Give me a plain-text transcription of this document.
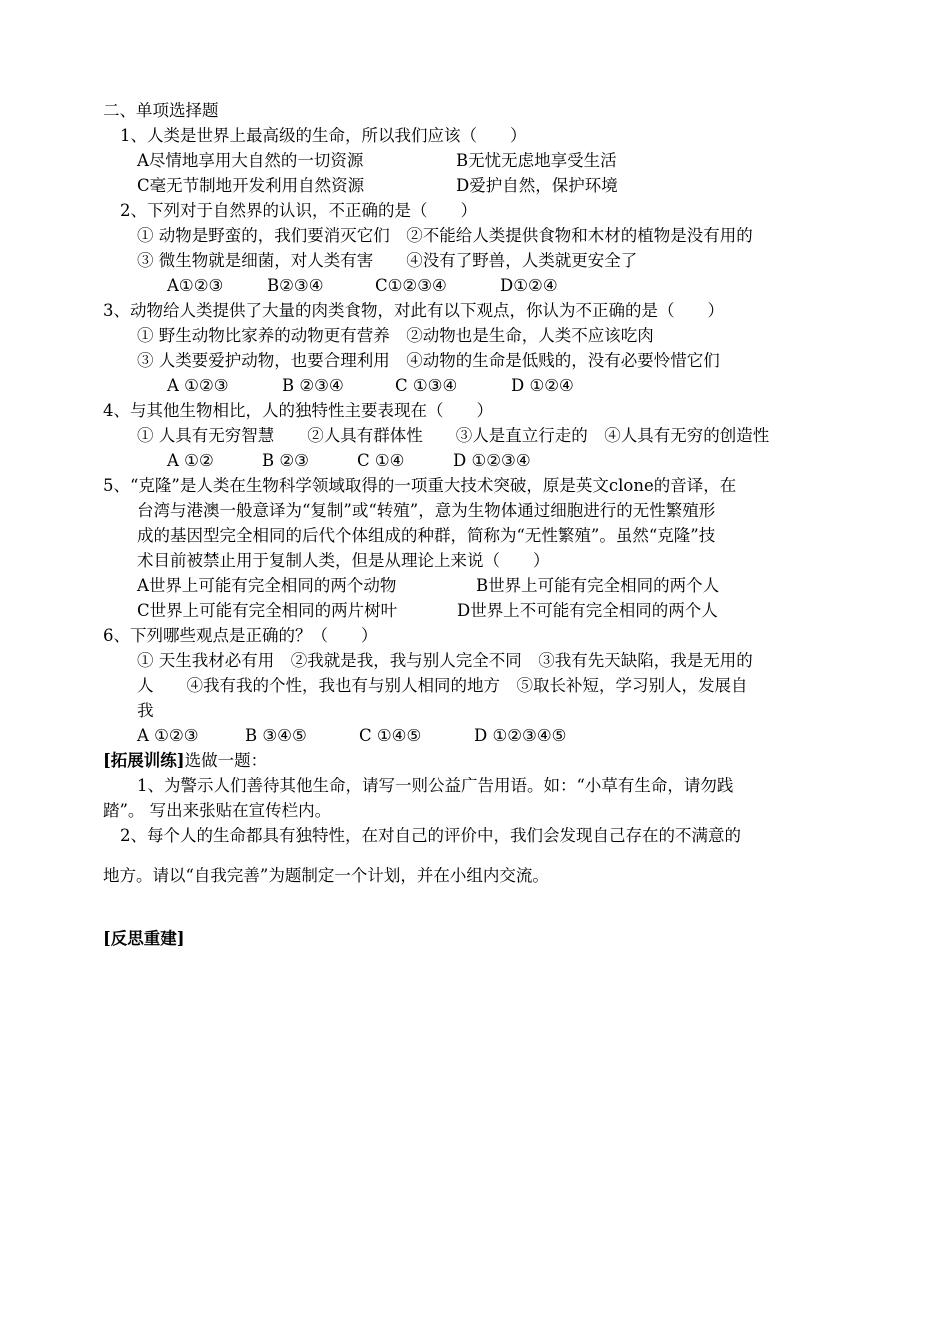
二、单项选择题
1、人类是世界上最高级的生命，所以我们应该（　　）
A尽情地享用大自然的一切资源	B无忧无虑地享受生活
C毫无节制地开发利用自然资源	D爱护自然，保护环境
2、下列对于自然界的认识，不正确的是（　　）
① 动物是野蛮的，我们要消灭它们　②不能给人类提供食物和木材的植物是没有用的
③ 微生物就是细菌，对人类有害　　④没有了野兽，人类就更安全了
A①②③	B②③④	C①②③④	D①②④
3、动物给人类提供了大量的肉类食物，对此有以下观点，你认为不正确的是（　　）
① 野生动物比家养的动物更有营养　②动物也是生命，人类不应该吃肉
③ 人类要爱护动物，也要合理利用　④动物的生命是低贱的，没有必要怜惜它们
A ①②③	B ②③④	C ①③④	D ①②④
4、与其他生物相比，人的独特性主要表现在（　　）
① 人具有无穷智慧　　②人具有群体性　　③人是直立行走的　④人具有无穷的创造性
A ①②	B ②③	C ①④	D ①②③④
5、“克隆”是人类在生物科学领域取得的一项重大技术突破，原是英文clone的音译，在
台湾与港澳一般意译为“复制”或“转殖”，意为生物体通过细胞进行的无性繁殖形
成的基因型完全相同的后代个体组成的种群，简称为“无性繁殖”。虽然“克隆”技
术目前被禁止用于复制人类，但是从理论上来说（　　）
A世界上可能有完全相同的两个动物	B世界上可能有完全相同的两个人
C世界上可能有完全相同的两片树叶	D世界上不可能有完全相同的两个人
6、下列哪些观点是正确的？（　　）
① 天生我材必有用　②我就是我，我与别人完全不同　③我有先天缺陷，我是无用的
人　　④我有我的个性，我也有与别人相同的地方　⑤取长补短，学习别人，发展自
我
A ①②③	B ③④⑤	C ①④⑤	D ①②③④⑤
[拓展训练]选做一题：
1、为警示人们善待其他生命，请写一则公益广告用语。如：“小草有生命，请勿践
踏”。 写出来张贴在宣传栏内。
2、每个人的生命都具有独特性，在对自己的评价中，我们会发现自己存在的不满意的
地方。请以“自我完善”为题制定一个计划，并在小组内交流。
[反思重建]
